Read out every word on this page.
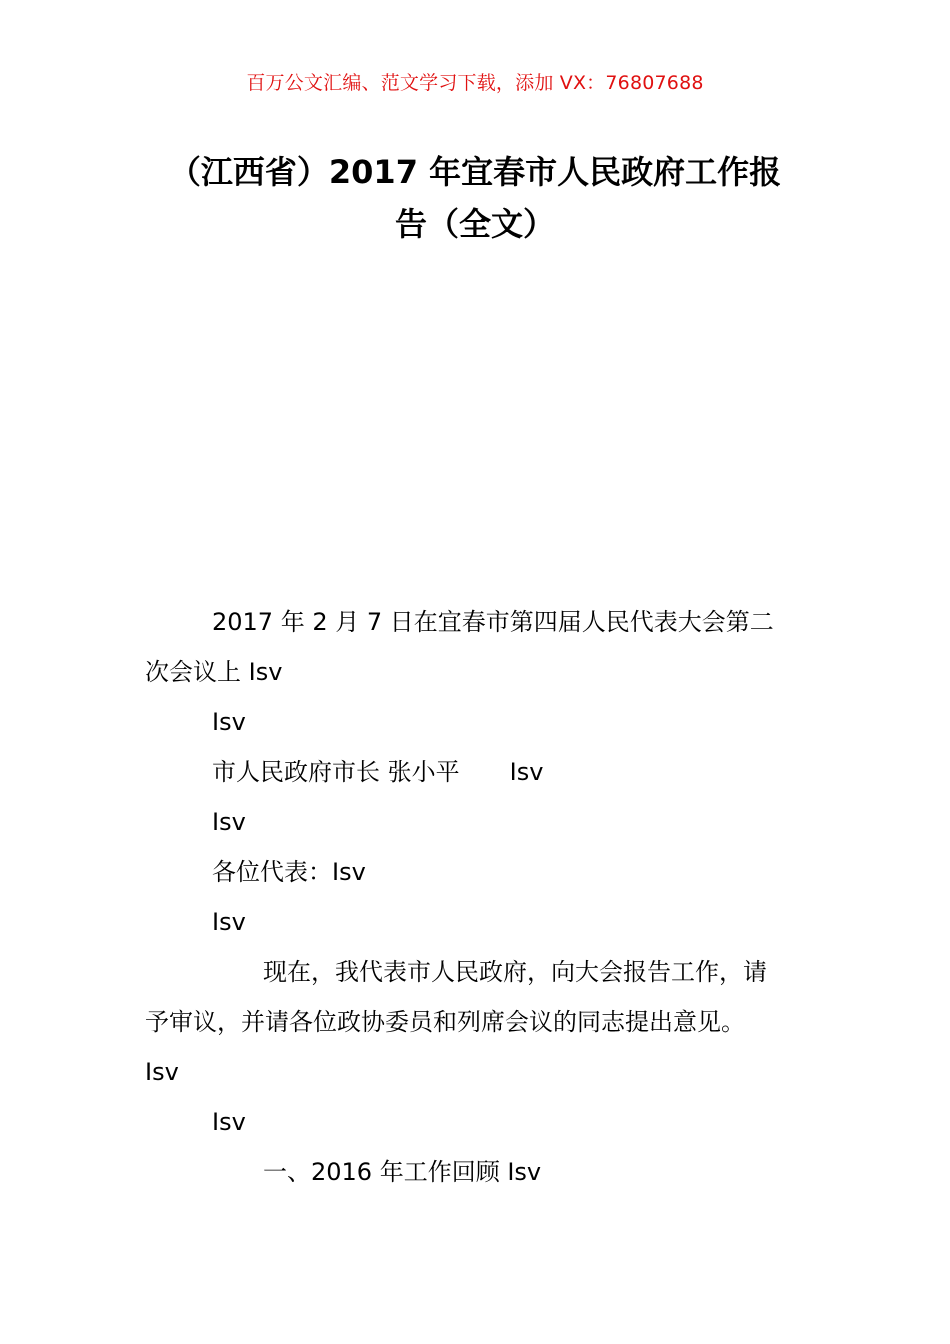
百万公文汇编、范文学习下载，添加 VX：76807688
（江西省）2017 年宜春市人民政府工作报
告（全文）
2017 年 2 月 7 日在宜春市第四届人民代表大会第二
次会议上 Isv
Isv
市人民政府市长 张小平 Isv
Isv
各位代表：Isv
Isv
现在，我代表市人民政府，向大会报告工作，请
予审议，并请各位政协委员和列席会议的同志提出意见。
Isv
Isv
一、2016 年工作回顾 Isv
